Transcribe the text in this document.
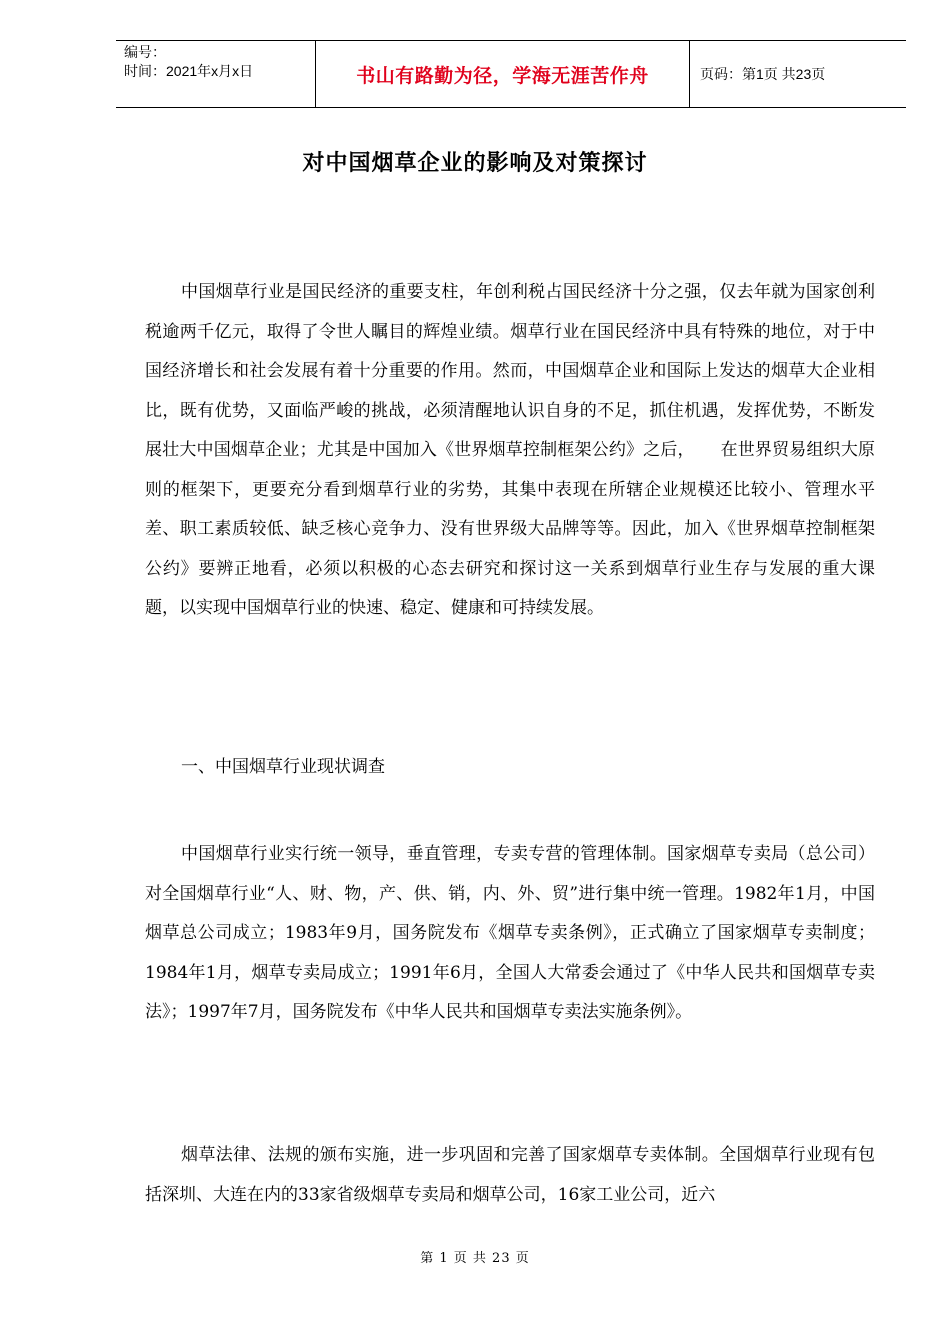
编号：
时间：2021年x月x日	书山有路勤为径，学海无涯苦作舟	页码：第1页 共23页
对中国烟草企业的影响及对策探讨

中国烟草行业是国民经济的重要支柱，年创利税占国民经济十分之强，仅去年就为国家创利税逾两千亿元，取得了令世人瞩目的辉煌业绩。烟草行业在国民经济中具有特殊的地位，对于中国经济增长和社会发展有着十分重要的作用。然而，中国烟草企业和国际上发达的烟草大企业相比，既有优势，又面临严峻的挑战，必须清醒地认识自身的不足，抓住机遇，发挥优势，不断发展壮大中国烟草企业；尤其是中国加入《世界烟草控制框架公约》之后，　　在世界贸易组织大原则的框架下，更要充分看到烟草行业的劣势，其集中表现在所辖企业规模还比较小、管理水平差、职工素质较低、缺乏核心竞争力、没有世界级大品牌等等。因此，加入《世界烟草控制框架公约》要辨正地看，必须以积极的心态去研究和探讨这一关系到烟草行业生存与发展的重大课题，以实现中国烟草行业的快速、稳定、健康和可持续发展。

一、中国烟草行业现状调查

中国烟草行业实行统一领导，垂直管理，专卖专营的管理体制。国家烟草专卖局（总公司）对全国烟草行业“人、财、物，产、供、销，内、外、贸”进行集中统一管理。1982年1月，中国烟草总公司成立；1983年9月，国务院发布《烟草专卖条例》，正式确立了国家烟草专卖制度；1984年1月，烟草专卖局成立；1991年6月，全国人大常委会通过了《中华人民共和国烟草专卖法》；1997年7月，国务院发布《中华人民共和国烟草专卖法实施条例》。

烟草法律、法规的颁布实施，进一步巩固和完善了国家烟草专卖体制。全国烟草行业现有包括深圳、大连在内的33家省级烟草专卖局和烟草公司，16家工业公司，近六

第 1 页 共 23 页
